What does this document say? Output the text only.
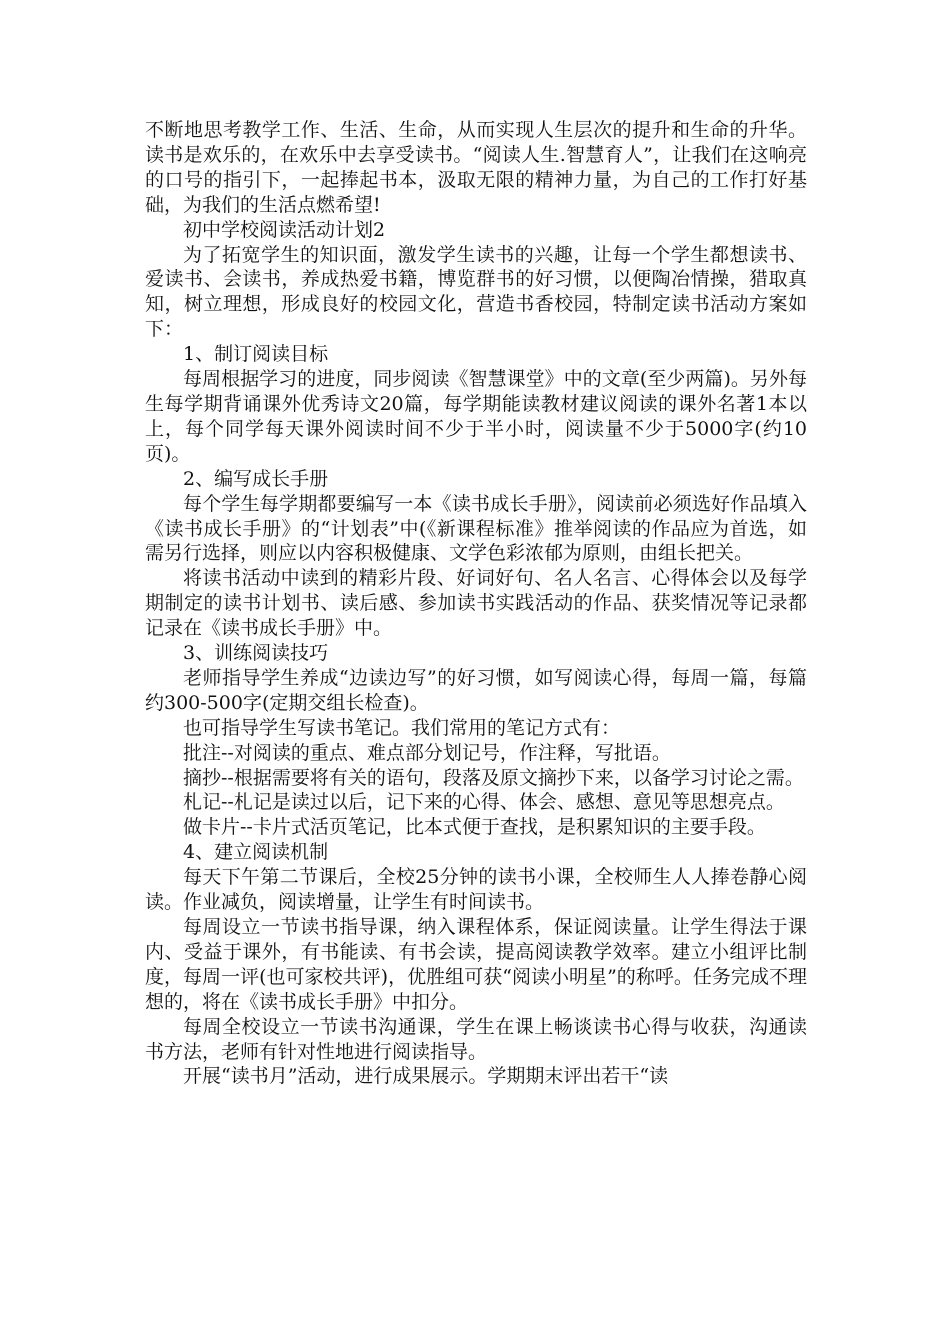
不断地思考教学工作、生活、生命，从而实现人生层次的提升和生命的升华。读书是欢乐的，在欢乐中去享受读书。“阅读人生.智慧育人”，让我们在这响亮的口号的指引下，一起捧起书本，汲取无限的精神力量，为自己的工作打好基础，为我们的生活点燃希望!

初中学校阅读活动计划2

为了拓宽学生的知识面，激发学生读书的兴趣，让每一个学生都想读书、爱读书、会读书，养成热爱书籍，博览群书的好习惯，以便陶冶情操，猎取真知，树立理想，形成良好的校园文化，营造书香校园，特制定读书活动方案如下：

1、制订阅读目标

每周根据学习的进度，同步阅读《智慧课堂》中的文章(至少两篇)。另外每生每学期背诵课外优秀诗文20篇，每学期能读教材建议阅读的课外名著1本以上，每个同学每天课外阅读时间不少于半小时，阅读量不少于5000字(约10页)。

2、编写成长手册

每个学生每学期都要编写一本《读书成长手册》，阅读前必须选好作品填入《读书成长手册》的“计划表”中(《新课程标准》推举阅读的作品应为首选，如需另行选择，则应以内容积极健康、文学色彩浓郁为原则，由组长把关。

将读书活动中读到的精彩片段、好词好句、名人名言、心得体会以及每学期制定的读书计划书、读后感、参加读书实践活动的作品、获奖情况等记录都记录在《读书成长手册》中。

3、训练阅读技巧

老师指导学生养成“边读边写”的好习惯，如写阅读心得，每周一篇，每篇约300-500字(定期交组长检查)。

也可指导学生写读书笔记。我们常用的笔记方式有：

批注--对阅读的重点、难点部分划记号，作注释，写批语。

摘抄--根据需要将有关的语句，段落及原文摘抄下来，以备学习讨论之需。

札记--札记是读过以后，记下来的心得、体会、感想、意见等思想亮点。

做卡片--卡片式活页笔记，比本式便于查找，是积累知识的主要手段。

4、建立阅读机制

每天下午第二节课后，全校25分钟的读书小课，全校师生人人捧卷静心阅读。作业减负，阅读增量，让学生有时间读书。

每周设立一节读书指导课，纳入课程体系，保证阅读量。让学生得法于课内、受益于课外，有书能读、有书会读，提高阅读教学效率。建立小组评比制度，每周一评(也可家校共评)，优胜组可获“阅读小明星”的称呼。任务完成不理想的，将在《读书成长手册》中扣分。

每周全校设立一节读书沟通课，学生在课上畅谈读书心得与收获，沟通读书方法，老师有针对性地进行阅读指导。

开展“读书月”活动，进行成果展示。学期期末评出若干“读
